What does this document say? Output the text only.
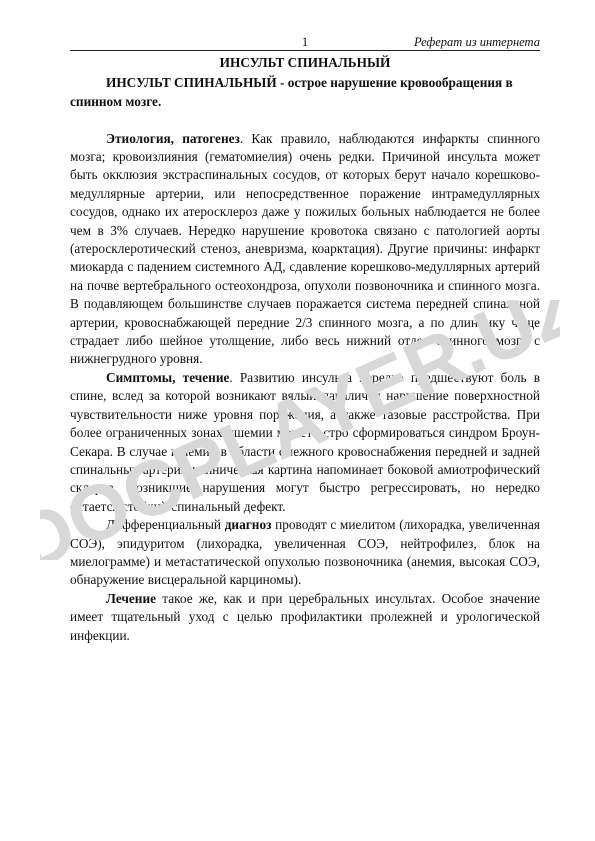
1	Реферат из интернета

ИНСУЛЬТ СПИНАЛЬНЫЙ

ИНСУЛЬТ СПИНАЛЬНЫЙ - острое нарушение кровообращения в спинном мозге.

Этиология, патогенез. Как правило, наблюдаются инфаркты спинного мозга; кровоизлияния (гематомиелия) очень редки. Причиной инсульта может быть окклюзия экстраспинальных сосудов, от которых берут начало корешково-медуллярные артерии, или непосредственное поражение интрамедуллярных сосудов, однако их атеросклероз даже у пожилых больных наблюдается не более чем в 3% случаев. Нередко нарушение кровотока связано с патологией аорты (атеросклеротический стеноз, аневризма, коарктация). Другие причины: инфаркт миокарда с падением системного АД, сдавление корешково-медуллярных артерий на почве вертебрального остеохондроза, опухоли позвоночника и спинного мозга. В подавляющем большинстве случаев поражается система передней спинальной артерии, кровоснабжающей передние 2/3 спинного мозга, а по длиннику чаще страдает либо шейное утолщение, либо весь нижний отдел спинного мозга с нижнегрудного уровня.

Симптомы, течение. Развитию инсульта нередко предшествуют боль в спине, вслед за которой возникают вялый паралич и нарушение поверхностной чувствительности ниже уровня поражения, а также тазовые расстройства. При более ограниченных зонах ишемии может остро сформироваться синдром Броун-Секара. В случае ишемии в области смежного кровоснабжения передней и задней спинальных артерий клиническая картина напоминает боковой амиотрофический склероз. Возникшие нарушения могут быстро регрессировать, но нередко остается стойкий спинальный дефект.

Дифференциальный диагноз проводят с миелитом (лихорадка, увеличенная СОЭ), эпидуритом (лихорадка, увеличенная СОЭ, нейтрофилез, блок на миелограмме) и метастатической опухолью позвоночника (анемия, высокая СОЭ, обнаружение висцеральной карциномы).

Лечение такое же, как и при церебральных инсультах. Особое значение имеет тщательный уход с целью профилактики пролежней и урологической инфекции.

DOCPLAYER.UZ
